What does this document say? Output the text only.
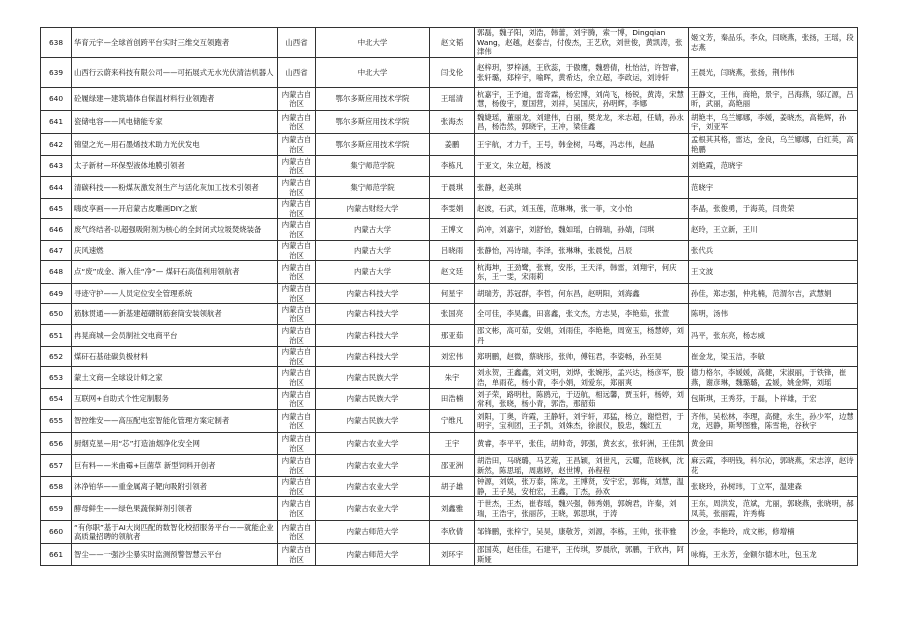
638	华育元宇—全球首创跨平台实时三维交互领跑者	山西省	中北大学	赵文韬	郭磊，魏子阳，刘浩，韩蕾，刘宇腾，索一博，Dingqian Wang，赵越，赵泰吉，付俊杰，王艺欣，刘世俊，黄凯涛，张津伟	姬文芳，秦品乐，李众，闫晓燕，张扬，王瑶，段志燕
639	山西行云蔚来科技有限公司——可拓展式无水光伏清洁机器人	山西省	中北大学	闫戈伦	赵梓玥，罗梓涵，王欣蕊，于傲鹰，魏碧倩，杜怡洁，许智睿，张轩璐，郑梓宇，喻晖，黄希达，余立超，李政运，刘诗轩	王晨光，闫晓燕，张扬，荆伟伟
640	砼履绿建—建筑墙体自保温材料行业领跑者	内蒙古自治区	鄂尔多斯应用技术学院	王瑶清	杭嘉宇，王予迪，雷奇霖，杨宏博，刘尚飞，杨锐，黄涛，宋慧慧，杨俊宇，夏国营，刘祥，吴国庆，孙明辉，李娜	王静文，王伟，商艳，景宇，吕海燕，邬辽源，吕昕，武丽，高艳丽
641	瓷储电容——风电储能专家	内蒙古自治区	鄂尔多斯应用技术学院	张海杰	魏婕瑶，董丽龙，刘建伟，白丽，樊龙龙，米志超，任婧，孙永昌，杨浩然，郭晓宇，王冲，梁佳鑫	胡艳丰，乌兰娜娜，李媛，姜晓杰，高艳辉，孙宇，刘亚军
642	锦望之光—用石墨烯技术助力光伏发电	内蒙古自治区	鄂尔多斯应用技术学院	姜鹏	王宇航，才力千，王号，韩金树，马骞，冯志伟，赵晶	孟根其其格，雷达，金良，乌兰娜娜，白红英，高艳鹏
643	太子新材—环保型液体地膜引领者	内蒙古自治区	集宁师范学院	李栋凡	于亚文，朱立超，杨波	刘艳霞，范晓宇
644	清碳科技——粉煤灰激发剂生产与活化灰加工技术引领者	内蒙古自治区	集宁师范学院	于晨琪	张静，赵美琪	范晓宇
645	嗨皮享画——开启蒙古皮雕画DIY之旅	内蒙古自治区	内蒙古财经大学	李雯娟	赵波，石武，刘玉莲，范琳琳，张一菲，文小怡	李晶，张俊勇，于海英，闫贵荣
646	废气终结者-以超强吸附剂为核心的全封闭式垃圾焚烧装备	内蒙古自治区	内蒙古大学	王博文	尚冲，刘嘉宇，刘舒怡，魏如瑶，白锦瑞，孙婧，闫琪	赵玲，王立新，王川
647	庆风速燃	内蒙古自治区	内蒙古大学	吕晓雨	张静怡，冯诗瑞，李泽，张琳琳，张晨悦，吕辰	张代兵
648	点“废”成金、渐入佳“净”— 煤矸石高值利用领航者	内蒙古自治区	内蒙古大学	赵文廷	杭海坤，王劲鹭，张寰，安彤，王天洋，韩雷，刘翔宇，何庆东，王一雯，宋雨莉	王文波
649	寻迹守护——人员定位安全管理系统	内蒙古自治区	内蒙古科技大学	何星宇	胡瑞芳，苏冠群，李哲，何东昌，赵明阳，刘海鑫	孙佳，郑志强，仲兆楠，范渭尔吉，武慧娟
650	筋脉贯通——新基建超硼钢筋套筒安装领航者	内蒙古自治区	内蒙古科技大学	张国亮	全可佳，李昊鑫，田喜鑫，张文杰，方志昊，李艳茹，张萱	陈明，汤伟
651	冉晃商城—会员制社交电商平台	内蒙古自治区	内蒙古科技大学	那亚茹	邵文彬，高可茹，安娟，刘雨佳，李艳艳，周宽玉，杨慧婷，刘丹	冯平，张东亮，杨志威
652	煤矸石基硅碳负极材料	内蒙古自治区	内蒙古科技大学	刘宏伟	郑明鹏，赵微，蔡晓彤，张帅，傅钰君，李姿畅，孙至昊	崔金龙，梁玉洁，李敏
653	蒙土文商—全球设计师之家	内蒙古自治区	内蒙古民族大学	朱宇	刘永贺，王鑫鑫，刘文明，刘烨，张婉彤，孟兴达，杨彦军，股浩，单雨花，杨小青，李小娟，刘爱东，郑丽爽	德力格尔，李媛媛，高健，宋淑丽，于铁锋，崔燕，谢彦琳，魏璐璐，孟媛，姚金辉，刘瑶
654	互联网+自助式个性定制服务	内蒙古自治区	内蒙古民族大学	田浩楠	刘子荣，路明杜，陈鸥元，于迈航，相远馨，贾玉轩，杨婷，刘常利，张晓，杨小青，郭浩，那韶茹	包斯琪，王秀芬，于磊，卜祥雄，于宏
655	智控维安——高压配电室智能化管理方案定制者	内蒙古自治区	内蒙古民族大学	宁维凡	刘阳，丁奥，许霞，王静轩，刘宇轩，邓猛，杨立，谢恺哲，于明宇，宝利团，王子凯，刘姝杰，徐淑仪，股忠，魏红五	齐伟，吴松林，李理，高健，永生，孙少军，边慧龙，迟静，斯琴图雅，陈雪艳，谷秋宇
656	厨烟克星—用“芯”打造油烟净化安全网	内蒙古自治区	内蒙古农业大学	王宇	黄睿，李平平，张佳，胡帅奇，郭强，黄玄玄，张轩洲，王佳凯	黄金田
657	巨有料——米曲霉+巨菌草 新型饲料开创者	内蒙古自治区	内蒙古农业大学	邵亚洲	胡浩田，马晓璐，马艺菀，王昌颖，刘世凡，云耀，范晓枫，沈新然，陈思瑶，周惠婷，赵世博，孙程程	麻云霞，李明钱，科尔沁，郭晓燕，宋志淳，赵诗花
658	沐净铂华——重金属离子靶向吸附引领者	内蒙古自治区	内蒙古农业大学	胡子雄	钟源，刘娱，张万泰，陈龙，王博贤，安宇宏，郭梅，刘慧，温静，王子昊，安柏宏，王鑫，丁杰，孙欢	张晓玲，孙树玮，丁立军，温建森
659	酵母鲜生——绿色果蔬保鲜剂引领者	内蒙古自治区	内蒙古农业大学	刘鑫雅	于世杰，王杰，崔春瑶，魏兴强，韩秀娟，郭婉君，许秦，刘瑞，王浩宇，张丽莎，王晓，郭思琪，于涛	王东，周洪发，范斌，尤丽，郭晓燕，张晓明，郝凤英，张丽霞，许秀梅
660	“有你职”基于AI大岗匹配的数智化校招服务平台——就能企业高质量招聘的领航者	内蒙古自治区	内蒙古师范大学	李欣倩	邹锋鹏，张梓宁，吴昊，康敬芳，刘源，李栋，王帅，张菲雅	沙金，李艳玲，成文彬，修增楠
661	智尘——一强沙尘暴实时监测预警智慧云平台	内蒙古自治区	内蒙古师范大学	刘环宇	邵国英，赵佳佳，石建平，王传琪，罗晨欣，郭鹏，于欣冉，阿斯娅	咏梅，王永芳，金额尔德木吐，包玉龙
